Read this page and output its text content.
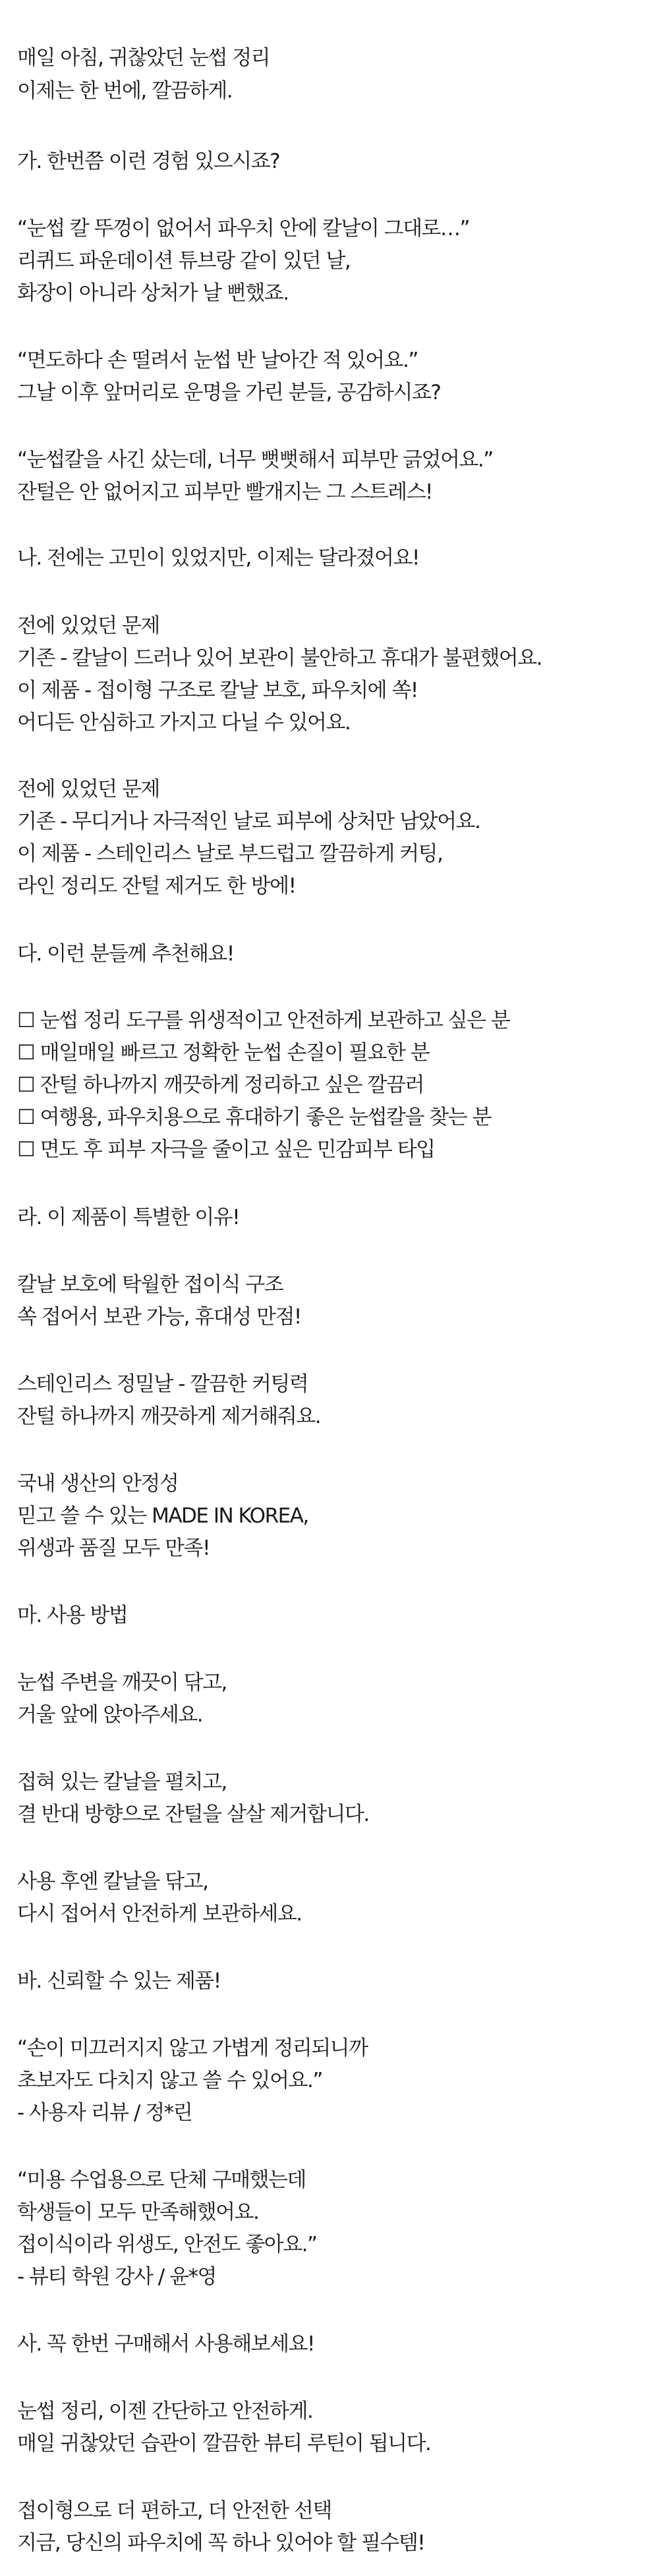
매일 아침, 귀찮았던 눈썹 정리
이제는 한 번에, 깔끔하게.
가. 한번쯤 이런 경험 있으시죠?
“눈썹 칼 뚜껑이 없어서 파우치 안에 칼날이 그대로…”
리퀴드 파운데이션 튜브랑 같이 있던 날,
화장이 아니라 상처가 날 뻔했죠.
“면도하다 손 떨려서 눈썹 반 날아간 적 있어요.”
그날 이후 앞머리로 운명을 가린 분들, 공감하시죠?
“눈썹칼을 사긴 샀는데, 너무 뻣뻣해서 피부만 긁었어요.”
잔털은 안 없어지고 피부만 빨개지는 그 스트레스!
나. 전에는 고민이 있었지만, 이제는 달라졌어요!
전에 있었던 문제
기존 - 칼날이 드러나 있어 보관이 불안하고 휴대가 불편했어요.
이 제품 - 접이형 구조로 칼날 보호, 파우치에 쏙!
어디든 안심하고 가지고 다닐 수 있어요.
전에 있었던 문제
기존 - 무디거나 자극적인 날로 피부에 상처만 남았어요.
이 제품 - 스테인리스 날로 부드럽고 깔끔하게 커팅,
라인 정리도 잔털 제거도 한 방에!
다. 이런 분들께 추천해요!
☐ 눈썹 정리 도구를 위생적이고 안전하게 보관하고 싶은 분
☐ 매일매일 빠르고 정확한 눈썹 손질이 필요한 분
☐ 잔털 하나까지 깨끗하게 정리하고 싶은 깔끔러
☐ 여행용, 파우치용으로 휴대하기 좋은 눈썹칼을 찾는 분
☐ 면도 후 피부 자극을 줄이고 싶은 민감피부 타입
라. 이 제품이 특별한 이유!
칼날 보호에 탁월한 접이식 구조
쏙 접어서 보관 가능, 휴대성 만점!
스테인리스 정밀날 - 깔끔한 커팅력
잔털 하나까지 깨끗하게 제거해줘요.
국내 생산의 안정성
믿고 쓸 수 있는 MADE IN KOREA,
위생과 품질 모두 만족!
마. 사용 방법
눈썹 주변을 깨끗이 닦고,
거울 앞에 앉아주세요.
접혀 있는 칼날을 펼치고,
결 반대 방향으로 잔털을 살살 제거합니다.
사용 후엔 칼날을 닦고,
다시 접어서 안전하게 보관하세요.
바. 신뢰할 수 있는 제품!
“손이 미끄러지지 않고 가볍게 정리되니까
초보자도 다치지 않고 쓸 수 있어요.”
- 사용자 리뷰 / 정*린
“미용 수업용으로 단체 구매했는데
학생들이 모두 만족해했어요.
접이식이라 위생도, 안전도 좋아요.”
- 뷰티 학원 강사 / 윤*영
사. 꼭 한번 구매해서 사용해보세요!
눈썹 정리, 이젠 간단하고 안전하게.
매일 귀찮았던 습관이 깔끔한 뷰티 루틴이 됩니다.
접이형으로 더 편하고, 더 안전한 선택
지금, 당신의 파우치에 꼭 하나 있어야 할 필수템!
